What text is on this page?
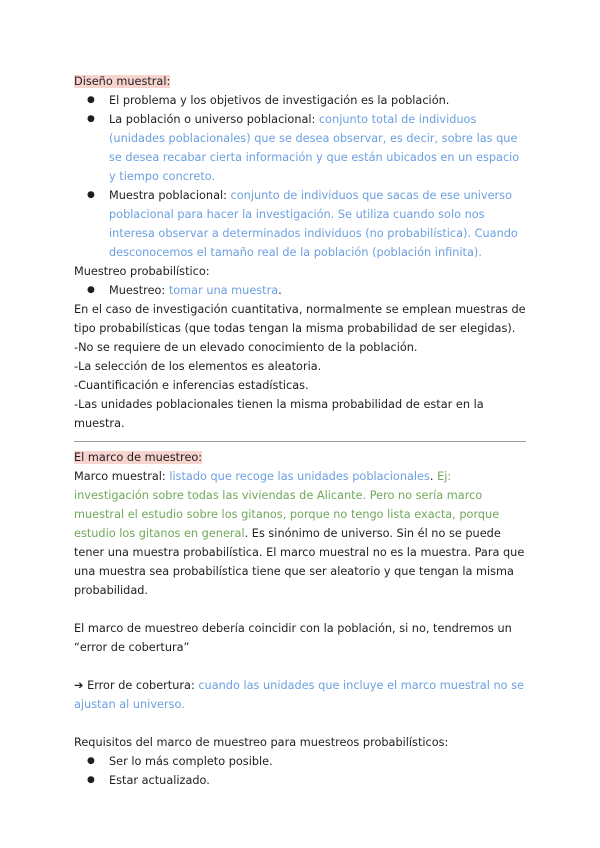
Diseño muestral:

● El problema y los objetivos de investigación es la población.
● La población o universo poblacional: conjunto total de individuos (unidades poblacionales) que se desea observar, es decir, sobre las que se desea recabar cierta información y que están ubicados en un espacio y tiempo concreto.
● Muestra poblacional: conjunto de individuos que sacas de ese universo poblacional para hacer la investigación. Se utiliza cuando solo nos interesa observar a determinados individuos (no probabilística). Cuando desconocemos el tamaño real de la población (población infinita).

Muestreo probabilístico:

● Muestreo: tomar una muestra.

En el caso de investigación cuantitativa, normalmente se emplean muestras de tipo probabilísticas (que todas tengan la misma probabilidad de ser elegidas).

-No se requiere de un elevado conocimiento de la población.

-La selección de los elementos es aleatoria.

-Cuantificación e inferencias estadísticas.

-Las unidades poblacionales tienen la misma probabilidad de estar en la muestra.

El marco de muestreo:

Marco muestral: listado que recoge las unidades poblacionales. Ej: investigación sobre todas las viviendas de Alicante. Pero no sería marco muestral el estudio sobre los gitanos, porque no tengo lista exacta, porque estudio los gitanos en general. Es sinónimo de universo. Sin él no se puede tener una muestra probabilística. El marco muestral no es la muestra. Para que una muestra sea probabilística tiene que ser aleatorio y que tengan la misma probabilidad.

El marco de muestreo debería coincidir con la población, si no, tendremos un “error de cobertura”

➔ Error de cobertura: cuando las unidades que incluye el marco muestral no se ajustan al universo.

Requisitos del marco de muestreo para muestreos probabilísticos:

● Ser lo más completo posible.
● Estar actualizado.
